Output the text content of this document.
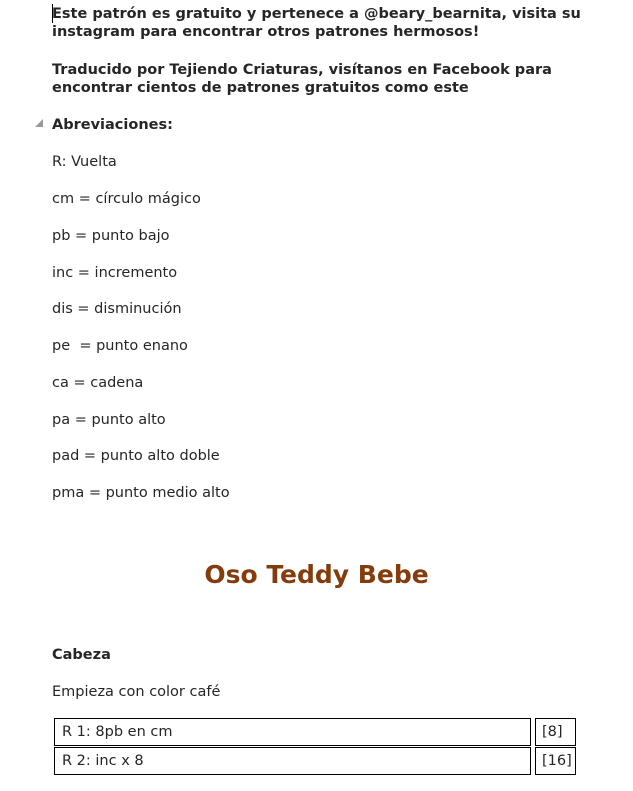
Este patrón es gratuito y pertenece a @beary_bearnita, visita su
instagram para encontrar otros patrones hermosos!
Traducido por Tejiendo Criaturas, visítanos en Facebook para
encontrar cientos de patrones gratuitos como este
Abreviaciones:
R: Vuelta
cm = círculo mágico
pb = punto bajo
inc = incremento
dis = disminución
pe  = punto enano
ca = cadena
pa = punto alto
pad = punto alto doble
pma = punto medio alto
Oso Teddy Bebe
Cabeza
Empieza con color café
R 1: 8pb en cm	[8]
R 2: inc x 8	[16]
